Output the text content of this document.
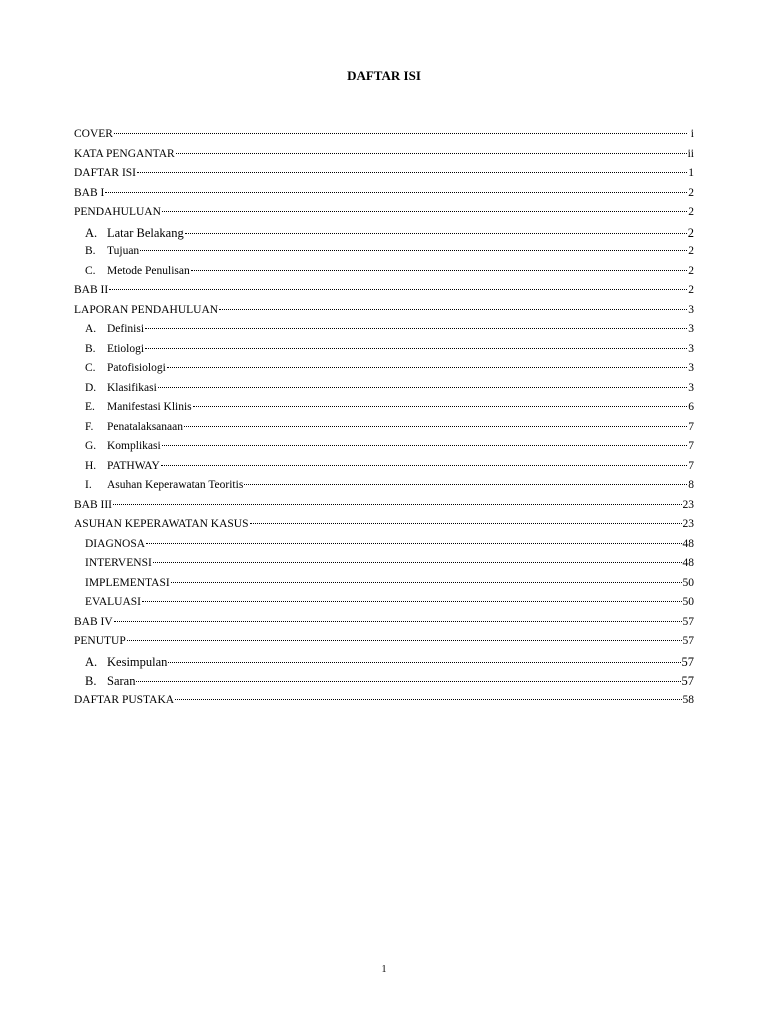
DAFTAR ISI
COVER	i
KATA PENGANTAR	ii
DAFTAR ISI	1
BAB I	2
PENDAHULUAN	2
A. Latar Belakang	2
B. Tujuan	2
C. Metode Penulisan	2
BAB II	2
LAPORAN PENDAHULUAN	3
A. Definisi	3
B. Etiologi	3
C. Patofisiologi	3
D. Klasifikasi	3
E.	Manifestasi Klinis	6
F.	Penatalaksanaan	7
G. Komplikasi	7
H. PATHWAY	7
I.	Asuhan Keperawatan Teoritis	8
BAB III	23
ASUHAN KEPERAWATAN KASUS	23
DIAGNOSA	48
INTERVENSI	48
IMPLEMENTASI	50
EVALUASI	50
BAB IV	57
PENUTUP	57
A. Kesimpulan	57
B. Saran	57
DAFTAR PUSTAKA	58
1
